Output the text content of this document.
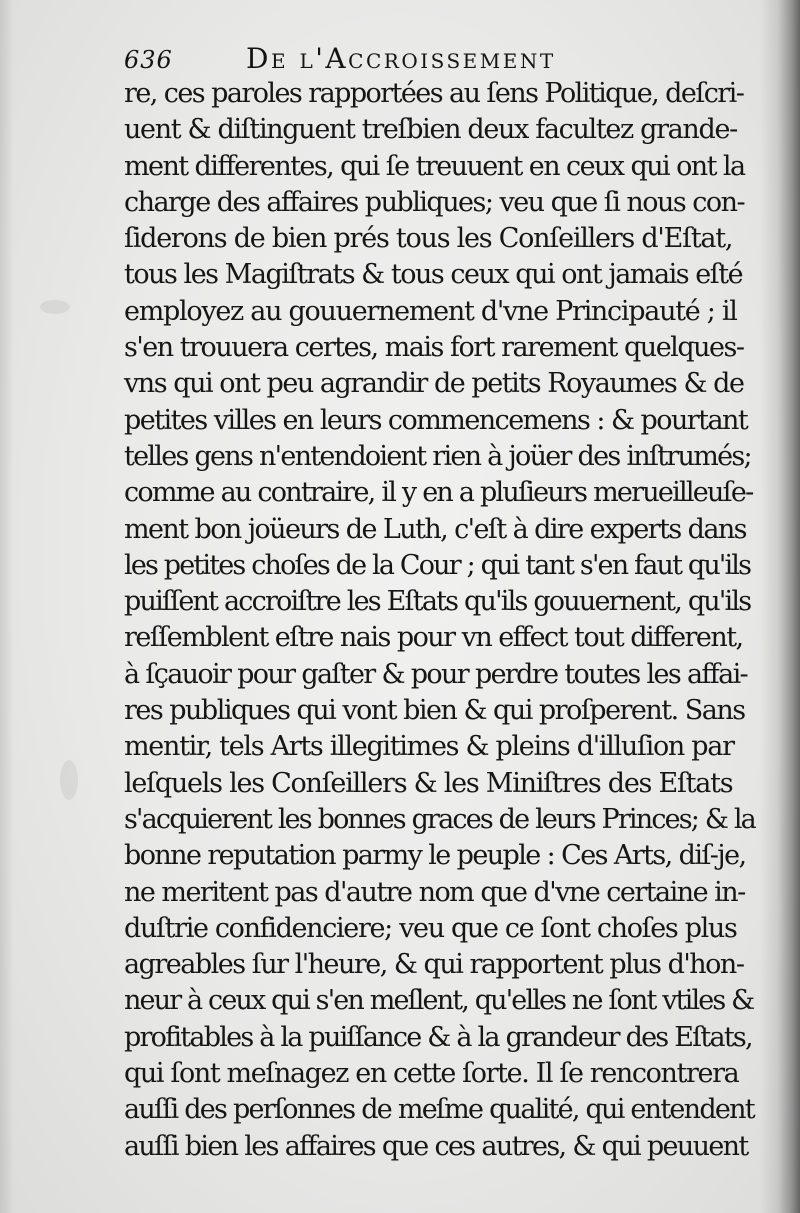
636	De l'Accroissement
re, ces paroles rapportées au ſens Politique, deſcri-
uent & diſtinguent treſbien deux facultez grande-
ment differentes, qui ſe treuuent en ceux qui ont la
charge des affaires publiques; veu que ſi nous con-
ſiderons de bien prés tous les Conſeillers d'Eſtat,
tous les Magiſtrats & tous ceux qui ont jamais eſté
employez au gouuernement d'vne Principauté ; il
s'en trouuera certes, mais fort rarement quelques-
vns qui ont peu agrandir de petits Royaumes & de
petites villes en leurs commencemens : & pourtant
telles gens n'entendoient rien à joüer des inſtrumés;
comme au contraire, il y en a pluſieurs merueilleuſe-
ment bon joüeurs de Luth, c'eſt à dire experts dans
les petites choſes de la Cour ; qui tant s'en faut qu'ils
puiſſent accroiſtre les Eſtats qu'ils gouuernent, qu'ils
reſſemblent eſtre nais pour vn effect tout different,
à ſçauoir pour gaſter & pour perdre toutes les affai-
res publiques qui vont bien & qui proſperent. Sans
mentir, tels Arts illegitimes & pleins d'illuſion par
leſquels les Conſeillers & les Miniſtres des Eſtats
s'acquierent les bonnes graces de leurs Princes; & la
bonne reputation parmy le peuple : Ces Arts, diſ-je,
ne meritent pas d'autre nom que d'vne certaine in-
duſtrie confidenciere; veu que ce ſont choſes plus
agreables ſur l'heure, & qui rapportent plus d'hon-
neur à ceux qui s'en meſlent, qu'elles ne ſont vtiles &
profitables à la puiſſance & à la grandeur des Eſtats,
qui ſont meſnagez en cette ſorte. Il ſe rencontrera
auſſi des perſonnes de meſme qualité, qui entendent
auſſi bien les affaires que ces autres, & qui peuuent
